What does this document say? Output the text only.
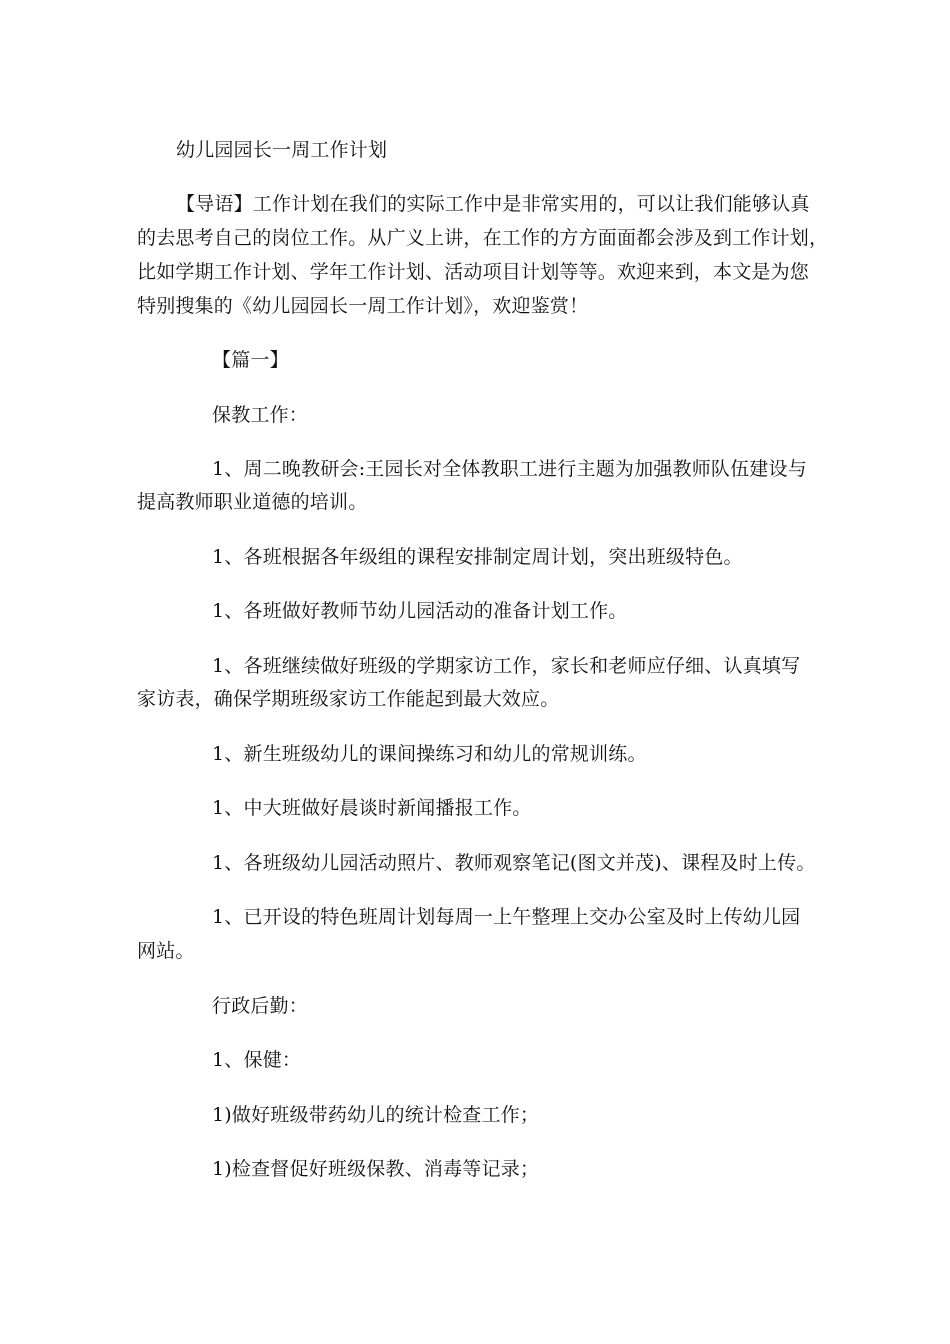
幼儿园园长一周工作计划
【导语】工作计划在我们的实际工作中是非常实用的，可以让我们能够认真
的去思考自己的岗位工作。从广义上讲，在工作的方方面面都会涉及到工作计划，
比如学期工作计划、学年工作计划、活动项目计划等等。欢迎来到，本文是为您
特别搜集的《幼儿园园长一周工作计划》，欢迎鉴赏！
【篇一】
保教工作：
1、周二晚教研会:王园长对全体教职工进行主题为加强教师队伍建设与
提高教师职业道德的培训。
1、各班根据各年级组的课程安排制定周计划，突出班级特色。
1、各班做好教师节幼儿园活动的准备计划工作。
1、各班继续做好班级的学期家访工作，家长和老师应仔细、认真填写
家访表，确保学期班级家访工作能起到最大效应。
1、新生班级幼儿的课间操练习和幼儿的常规训练。
1、中大班做好晨谈时新闻播报工作。
1、各班级幼儿园活动照片、教师观察笔记(图文并茂)、课程及时上传。
1、已开设的特色班周计划每周一上午整理上交办公室及时上传幼儿园
网站。
行政后勤：
1、保健：
1)做好班级带药幼儿的统计检查工作；
1)检查督促好班级保教、消毒等记录；
